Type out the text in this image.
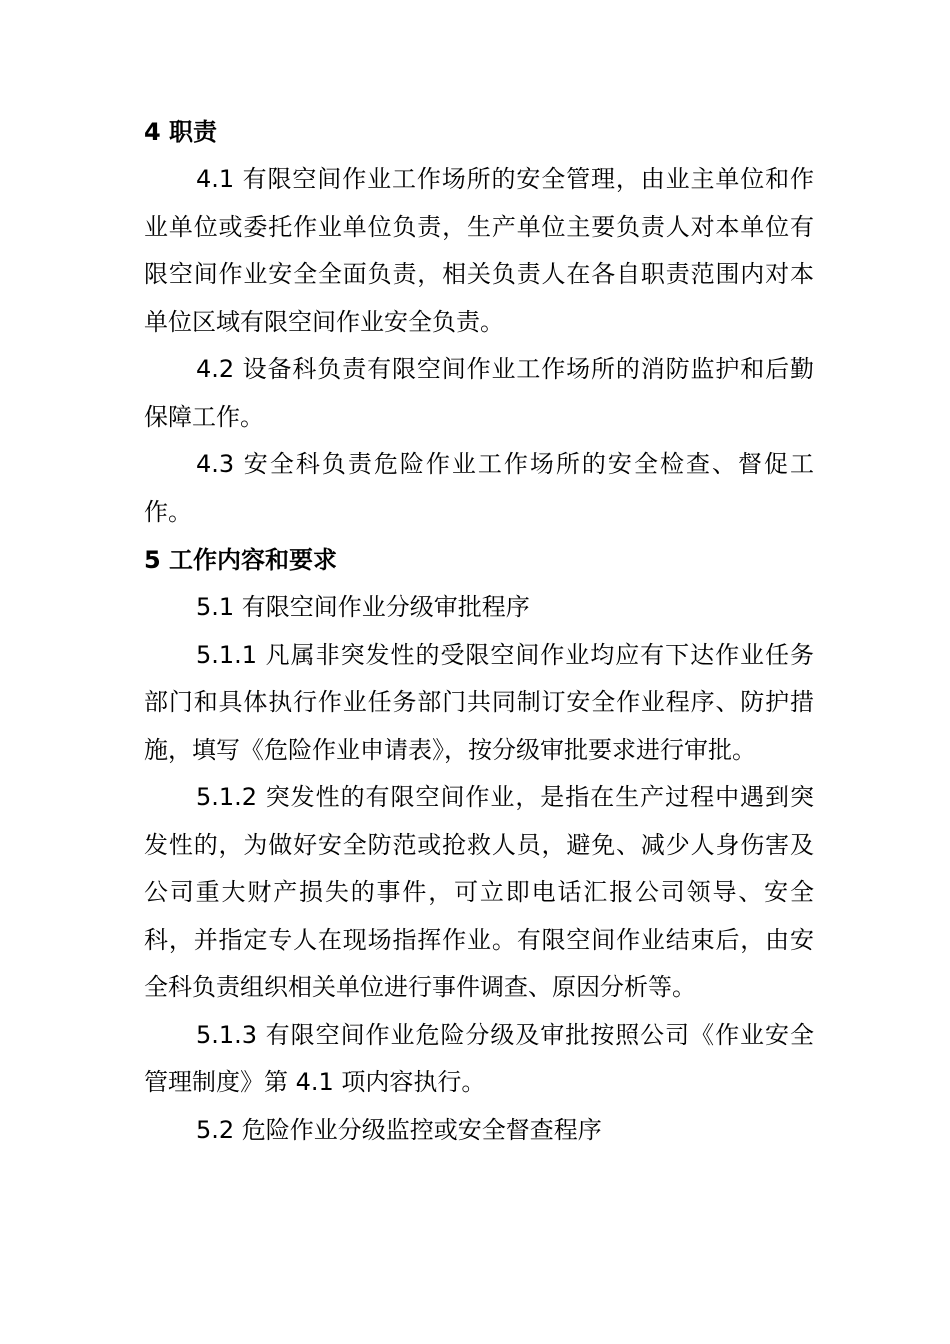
4 职责

4.1 有限空间作业工作场所的安全管理，由业主单位和作业单位或委托作业单位负责，生产单位主要负责人对本单位有限空间作业安全全面负责，相关负责人在各自职责范围内对本单位区域有限空间作业安全负责。

4.2 设备科负责有限空间作业工作场所的消防监护和后勤保障工作。

4.3 安全科负责危险作业工作场所的安全检查、督促工作。

5 工作内容和要求

5.1 有限空间作业分级审批程序

5.1.1 凡属非突发性的受限空间作业均应有下达作业任务部门和具体执行作业任务部门共同制订安全作业程序、防护措施，填写《危险作业申请表》，按分级审批要求进行审批。

5.1.2 突发性的有限空间作业，是指在生产过程中遇到突发性的，为做好安全防范或抢救人员，避免、减少人身伤害及公司重大财产损失的事件，可立即电话汇报公司领导、安全科，并指定专人在现场指挥作业。有限空间作业结束后，由安全科负责组织相关单位进行事件调查、原因分析等。

5.1.3 有限空间作业危险分级及审批按照公司《作业安全管理制度》第 4.1 项内容执行。

5.2 危险作业分级监控或安全督查程序
